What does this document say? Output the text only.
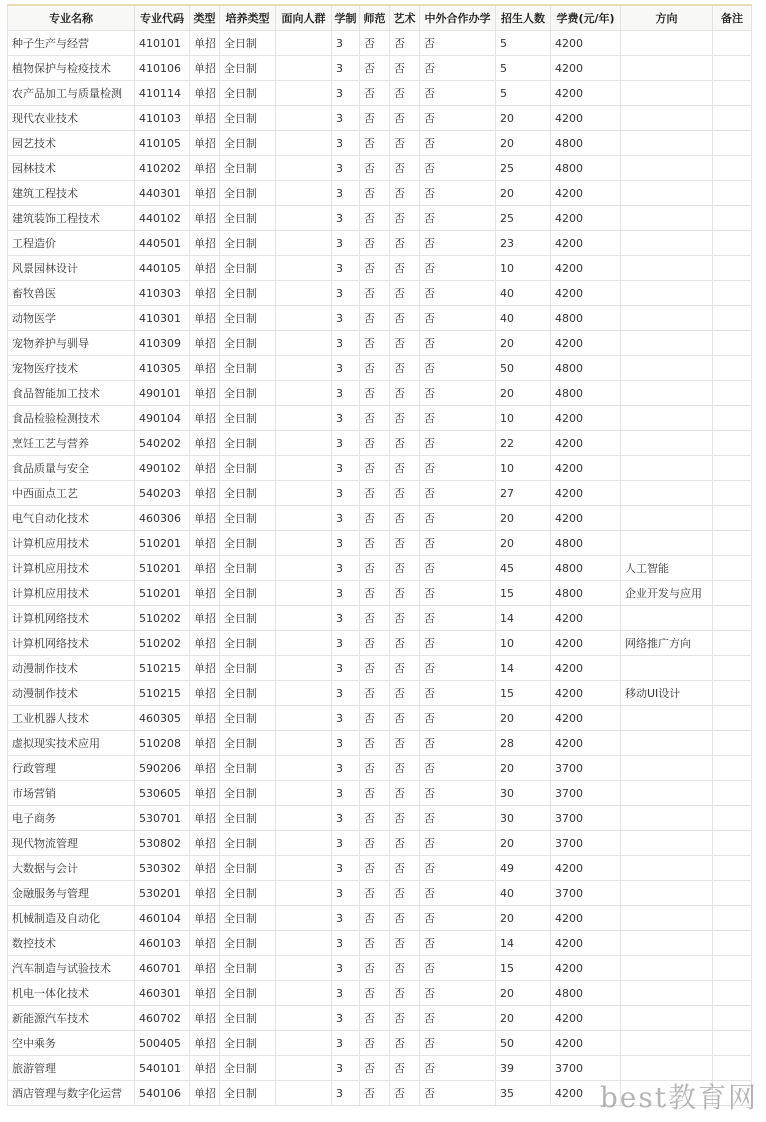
专业名称	专业代码	类型	培养类型	面向人群	学制	师范	艺术	中外合作办学	招生人数	学费(元/年)	方向	备注
种子生产与经营	410101	单招	全日制		3	否	否	否	5	4200		
植物保护与检疫技术	410106	单招	全日制		3	否	否	否	5	4200		
农产品加工与质量检测	410114	单招	全日制		3	否	否	否	5	4200		
现代农业技术	410103	单招	全日制		3	否	否	否	20	4200		
园艺技术	410105	单招	全日制		3	否	否	否	20	4800		
园林技术	410202	单招	全日制		3	否	否	否	25	4800		
建筑工程技术	440301	单招	全日制		3	否	否	否	20	4200		
建筑装饰工程技术	440102	单招	全日制		3	否	否	否	25	4200		
工程造价	440501	单招	全日制		3	否	否	否	23	4200		
风景园林设计	440105	单招	全日制		3	否	否	否	10	4200		
畜牧兽医	410303	单招	全日制		3	否	否	否	40	4200		
动物医学	410301	单招	全日制		3	否	否	否	40	4800		
宠物养护与驯导	410309	单招	全日制		3	否	否	否	20	4200		
宠物医疗技术	410305	单招	全日制		3	否	否	否	50	4800		
食品智能加工技术	490101	单招	全日制		3	否	否	否	20	4800		
食品检验检测技术	490104	单招	全日制		3	否	否	否	10	4200		
烹饪工艺与营养	540202	单招	全日制		3	否	否	否	22	4200		
食品质量与安全	490102	单招	全日制		3	否	否	否	10	4200		
中西面点工艺	540203	单招	全日制		3	否	否	否	27	4200		
电气自动化技术	460306	单招	全日制		3	否	否	否	20	4200		
计算机应用技术	510201	单招	全日制		3	否	否	否	20	4800		
计算机应用技术	510201	单招	全日制		3	否	否	否	45	4800	人工智能	
计算机应用技术	510201	单招	全日制		3	否	否	否	15	4800	企业开发与应用	
计算机网络技术	510202	单招	全日制		3	否	否	否	14	4200		
计算机网络技术	510202	单招	全日制		3	否	否	否	10	4200	网络推广方向	
动漫制作技术	510215	单招	全日制		3	否	否	否	14	4200		
动漫制作技术	510215	单招	全日制		3	否	否	否	15	4200	移动UI设计	
工业机器人技术	460305	单招	全日制		3	否	否	否	20	4200		
虚拟现实技术应用	510208	单招	全日制		3	否	否	否	28	4200		
行政管理	590206	单招	全日制		3	否	否	否	20	3700		
市场营销	530605	单招	全日制		3	否	否	否	30	3700		
电子商务	530701	单招	全日制		3	否	否	否	30	3700		
现代物流管理	530802	单招	全日制		3	否	否	否	20	3700		
大数据与会计	530302	单招	全日制		3	否	否	否	49	4200		
金融服务与管理	530201	单招	全日制		3	否	否	否	40	3700		
机械制造及自动化	460104	单招	全日制		3	否	否	否	20	4200		
数控技术	460103	单招	全日制		3	否	否	否	14	4200		
汽车制造与试验技术	460701	单招	全日制		3	否	否	否	15	4200		
机电一体化技术	460301	单招	全日制		3	否	否	否	20	4800		
新能源汽车技术	460702	单招	全日制		3	否	否	否	20	4200		
空中乘务	500405	单招	全日制		3	否	否	否	50	4200		
旅游管理	540101	单招	全日制		3	否	否	否	39	3700		
酒店管理与数字化运营	540106	单招	全日制		3	否	否	否	35	4200		best教育网
